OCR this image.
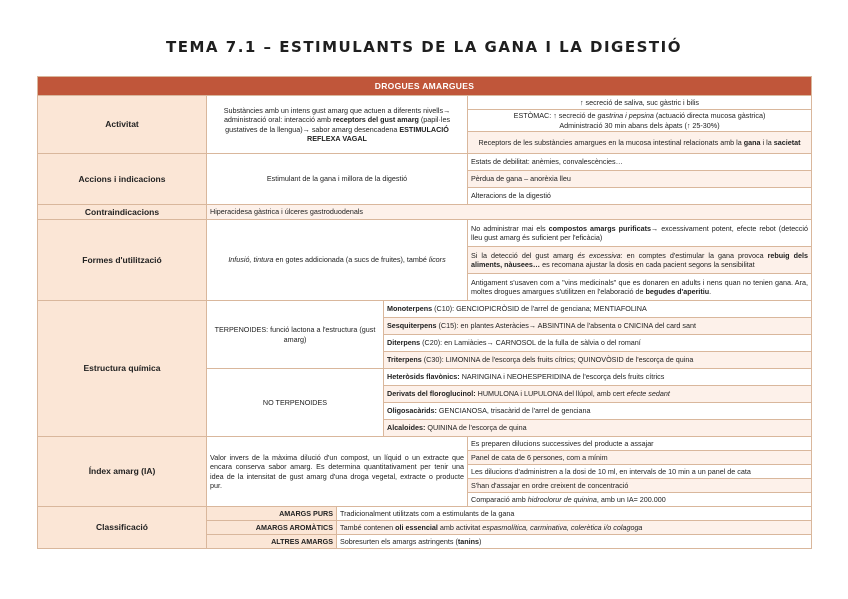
TEMA 7.1 – ESTIMULANTS DE LA GANA I LA DIGESTIÓ
DROGUES AMARGUES				
Activitat	Substàncies amb un intens gust amarg que actuen a diferents nivells→ administració oral: interacció amb receptors del gust amarg (papil·les gustatives de la llengua)→ sabor amarg desencadena ESTIMULACIÓ REFLEXA VAGAL			↑ secreció de saliva, suc gàstric i bilis
				ESTÒMAC: ↑ secreció de gastrina i pepsina (actuació directa mucosa gàstrica)
Administració 30 min abans dels àpats (↑ 25-30%)
				Receptors de les substàncies amargues en la mucosa intestinal relacionats amb la gana i la sacietat
Accions i indicacions	Estimulant de la gana i millora de la digestió			Estats de debilitat: anèmies, convalescències…
				Pèrdua de gana – anorèxia lleu
				Alteracions de la digestió
Contraindicacions	Hiperacidesa gàstrica i úlceres gastroduodenals			
Formes d'utilització	Infusió, tintura en gotes addicionada (a sucs de fruites), també licors			No administrar mai els compostos amargs purificats→ excessivament potent, efecte rebot (detecció lleu gust amarg és suficient per l'eficàcia)
				Si la detecció del gust amarg és excessiva: en comptes d'estimular la gana provoca rebuig dels aliments, nàusees… es recomana ajustar la dosis en cada pacient segons la sensibilitat
				Antigament s'usaven com a "vins medicinals" que es donaren en adults i nens quan no tenien gana. Ara, moltes drogues amargues s'utilitzen en l'elaboració de begudes d'aperitiu.
Estructura química	TERPENOIDES: funció lactona a l'estructura (gust amarg)		Monoterpens (C10): GENCIOPICRÒSID de l'arrel de genciana; MENTIAFOLINA	
			Sesquiterpens (C15): en plantes Asteràcies→ ABSINTINA de l'absenta o CNICINA del card sant	
			Diterpens (C20): en Lamiàcies→ CARNOSOL de la fulla de sàlvia o del romaní	
			Triterpens (C30): LIMONINA de l'escorça dels fruits cítrics; QUINOVÒSID de l'escorça de quina	
	NO TERPENOIDES		Heteròsids flavònics: NARINGINA i NEOHESPERIDINA de l'escorça dels fruits cítrics	
			Derivats del floroglucinol: HUMULONA i LUPULONA del llúpol, amb cert efecte sedant	
			Oligosacàrids: GENCIANOSA, trisacàrid de l'arrel de genciana	
			Alcaloides: QUININA de l'escorça de quina	
Índex amarg (IA)	Valor invers de la màxima dilució d'un compost, un líquid o un extracte que encara conserva sabor amarg. Es determina quantitativament per tenir una idea de la intensitat de gust amarg d'una droga vegetal, extracte o producte pur.			Es preparen dilucions successives del producte a assajar
				Panel de cata de 6 persones, com a mínim
				Les dilucions d'administren a la dosi de 10 ml, en intervals de 10 min a un panel de cata
				S'han d'assajar en ordre creixent de concentració
				Comparació amb hidroclorur de quinina, amb un IA= 200.000
Classificació	AMARGS PURS	Tradicionalment utilitzats com a estimulants de la gana		
	AMARGS AROMÀTICS	També contenen oli essencial amb activitat espasmolítica, carminativa, colerètica i/o colagoga		
	ALTRES AMARGS	Sobresurten els amargs astringents (tanins)		
